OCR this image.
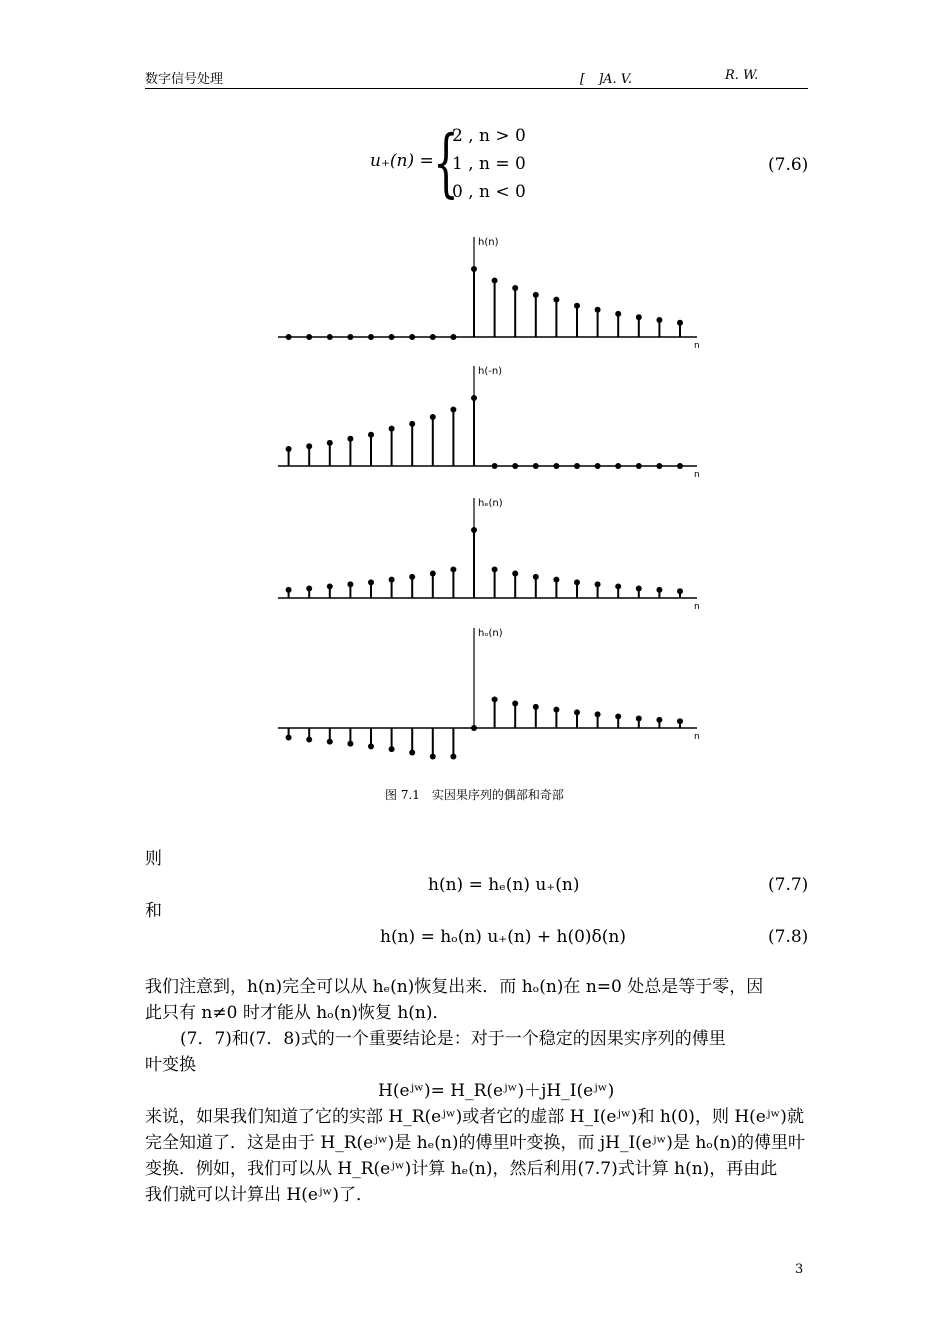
数字信号处理	[　]A. V.	R. W.
u₊(n) = {
2 , n > 0
1 , n = 0
0 , n < 0
(7.6)
h(n)
n
h(-n)
n
hₑ(n)
n
hₒ(n)
n
图 7.1　实因果序列的偶部和奇部
则
h(n) = hₑ(n) u₊(n)	(7.7)
和
h(n) = hₒ(n) u₊(n) + h(0)δ(n)	(7.8)
我们注意到，h(n)完全可以从 hₑ(n)恢复出来．而 hₒ(n)在 n=0 处总是等于零，因
此只有 n≠0 时才能从 hₒ(n)恢复 h(n)．
(7．7)和(7．8)式的一个重要结论是：对于一个稳定的因果实序列的傅里
叶变换
H(eʲʷ)= H_R(eʲʷ)＋jH_I(eʲʷ)
来说，如果我们知道了它的实部 H_R(eʲʷ)或者它的虚部 H_I(eʲʷ)和 h(0)，则 H(eʲʷ)就
完全知道了．这是由于 H_R(eʲʷ)是 hₑ(n)的傅里叶变换，而 jH_I(eʲʷ)是 hₒ(n)的傅里叶
变换．例如，我们可以从 H_R(eʲʷ)计算 hₑ(n)，然后利用(7.7)式计算 h(n)，再由此
我们就可以计算出 H(eʲʷ)了．
3
